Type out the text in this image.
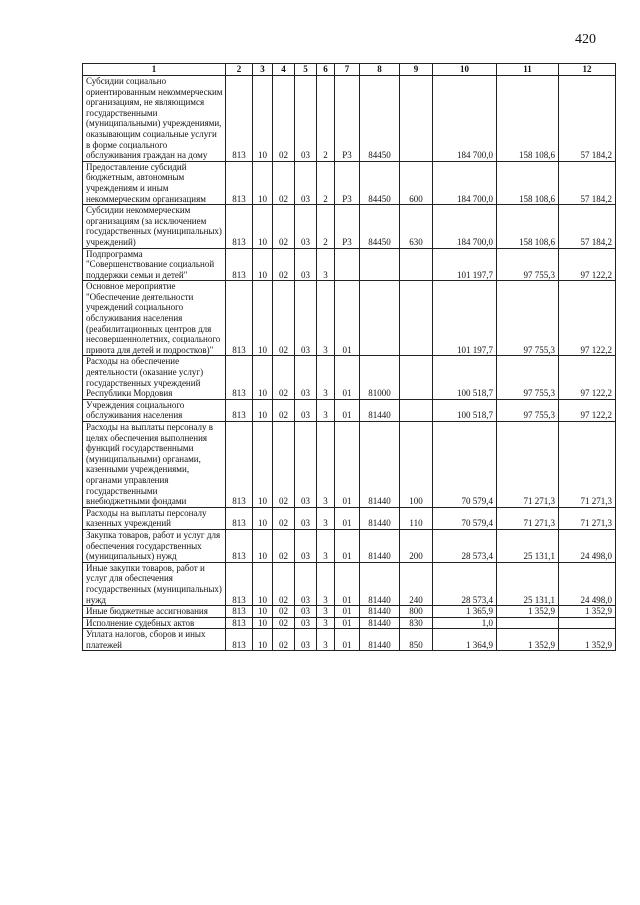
420
1	2	3	4	5	6	7	8	9	10	11	12
Субсидии социально ориентированным некоммерческим организациям, не являющимся государственными (муниципальными) учреждениями, оказывающим социальные услуги в форме социального обслуживания граждан на дому	813	10	02	03	2	Р3	84450		184 700,0	158 108,6	57 184,2
Предоставление субсидий бюджетным, автономным учреждениям и иным некоммерческим организациям	813	10	02	03	2	Р3	84450	600	184 700,0	158 108,6	57 184,2
Субсидии некоммерческим организациям (за исключением государственных (муниципальных) учреждений)	813	10	02	03	2	Р3	84450	630	184 700,0	158 108,6	57 184,2
Подпрограмма "Совершенствование социальной поддержки семьи и детей"	813	10	02	03	3				101 197,7	97 755,3	97 122,2
Основное мероприятие "Обеспечение деятельности учреждений социального обслуживания населения (реабилитационных центров для несовершеннолетних, социального приюта для детей и подростков)"	813	10	02	03	3	01			101 197,7	97 755,3	97 122,2
Расходы на обеспечение деятельности (оказание услуг) государственных учреждений Республики Мордовия	813	10	02	03	3	01	81000		100 518,7	97 755,3	97 122,2
Учреждения социального обслуживания населения	813	10	02	03	3	01	81440		100 518,7	97 755,3	97 122,2
Расходы на выплаты персоналу в целях обеспечения выполнения функций государственными (муниципальными) органами, казенными учреждениями, органами управления государственными внебюджетными фондами	813	10	02	03	3	01	81440	100	70 579,4	71 271,3	71 271,3
Расходы на выплаты персоналу казенных учреждений	813	10	02	03	3	01	81440	110	70 579,4	71 271,3	71 271,3
Закупка товаров, работ и услуг для обеспечения государственных (муниципальных) нужд	813	10	02	03	3	01	81440	200	28 573,4	25 131,1	24 498,0
Иные закупки товаров, работ и услуг для обеспечения государственных (муниципальных) нужд	813	10	02	03	3	01	81440	240	28 573,4	25 131,1	24 498,0
Иные бюджетные ассигнования	813	10	02	03	3	01	81440	800	1 365,9	1 352,9	1 352,9
Исполнение судебных актов	813	10	02	03	3	01	81440	830	1,0		
Уплата налогов, сборов и иных платежей	813	10	02	03	3	01	81440	850	1 364,9	1 352,9	1 352,9
